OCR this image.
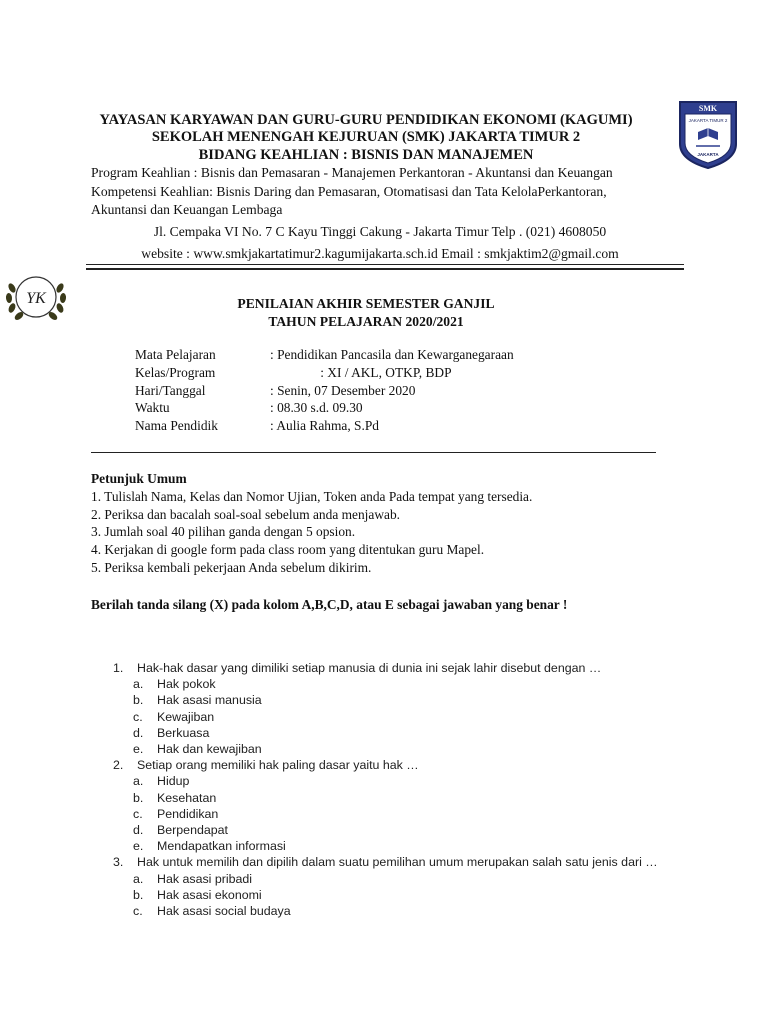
YAYASAN KARYAWAN DAN GURU-GURU PENDIDIKAN EKONOMI (KAGUMI)
SEKOLAH MENENGAH KEJURUAN (SMK) JAKARTA TIMUR 2
BIDANG KEAHLIAN : BISNIS DAN MANAJEMEN
Program Keahlian : Bisnis dan Pemasaran - Manajemen Perkantoran - Akuntansi dan Keuangan Kompetensi Keahlian: Bisnis Daring dan Pemasaran, Otomatisasi dan Tata KelolaPerkantoran, Akuntansi dan Keuangan Lembaga
Jl. Cempaka VI No. 7 C Kayu Tinggi Cakung - Jakarta Timur Telp . (021) 4608050
website : www.smkjakartatimur2.kagumijakarta.sch.id Email : smkjaktim2@gmail.com
SMK
JAKARTA TIMUR 2
JAKARTA
YK	PENILAIAN AKHIR SEMESTER GANJIL
TAHUN PELAJARAN 2020/2021
Mata Pelajaran	: Pendidikan Pancasila dan Kewarganegaraan
Kelas/Program	: XI / AKL, OTKP, BDP
Hari/Tanggal	: Senin, 07 Desember 2020
Waktu	: 08.30 s.d. 09.30
Nama Pendidik	: Aulia Rahma, S.Pd
Petunjuk Umum
1. Tulislah Nama, Kelas dan Nomor Ujian, Token anda Pada tempat yang tersedia.
2. Periksa dan bacalah soal-soal sebelum anda menjawab.
3. Jumlah soal 40 pilihan ganda dengan 5 opsion.
4. Kerjakan di google form pada class room yang ditentukan guru Mapel.
5. Periksa kembali pekerjaan Anda sebelum dikirim.
Berilah tanda silang (X) pada kolom A,B,C,D, atau E sebagai jawaban yang benar !
1.	Hak-hak dasar yang dimiliki setiap manusia di dunia ini sejak lahir disebut dengan …
a.	Hak pokok
b.	Hak asasi manusia
c.	Kewajiban
d.	Berkuasa
e.	Hak dan kewajiban
2.	Setiap orang memiliki hak paling dasar yaitu hak …
a.	Hidup
b.	Kesehatan
c.	Pendidikan
d.	Berpendapat
e.	Mendapatkan informasi
3.	Hak untuk memilih dan dipilih dalam suatu pemilihan umum merupakan salah satu jenis dari …
a.	Hak asasi pribadi
b.	Hak asasi ekonomi
c.	Hak asasi social budaya
